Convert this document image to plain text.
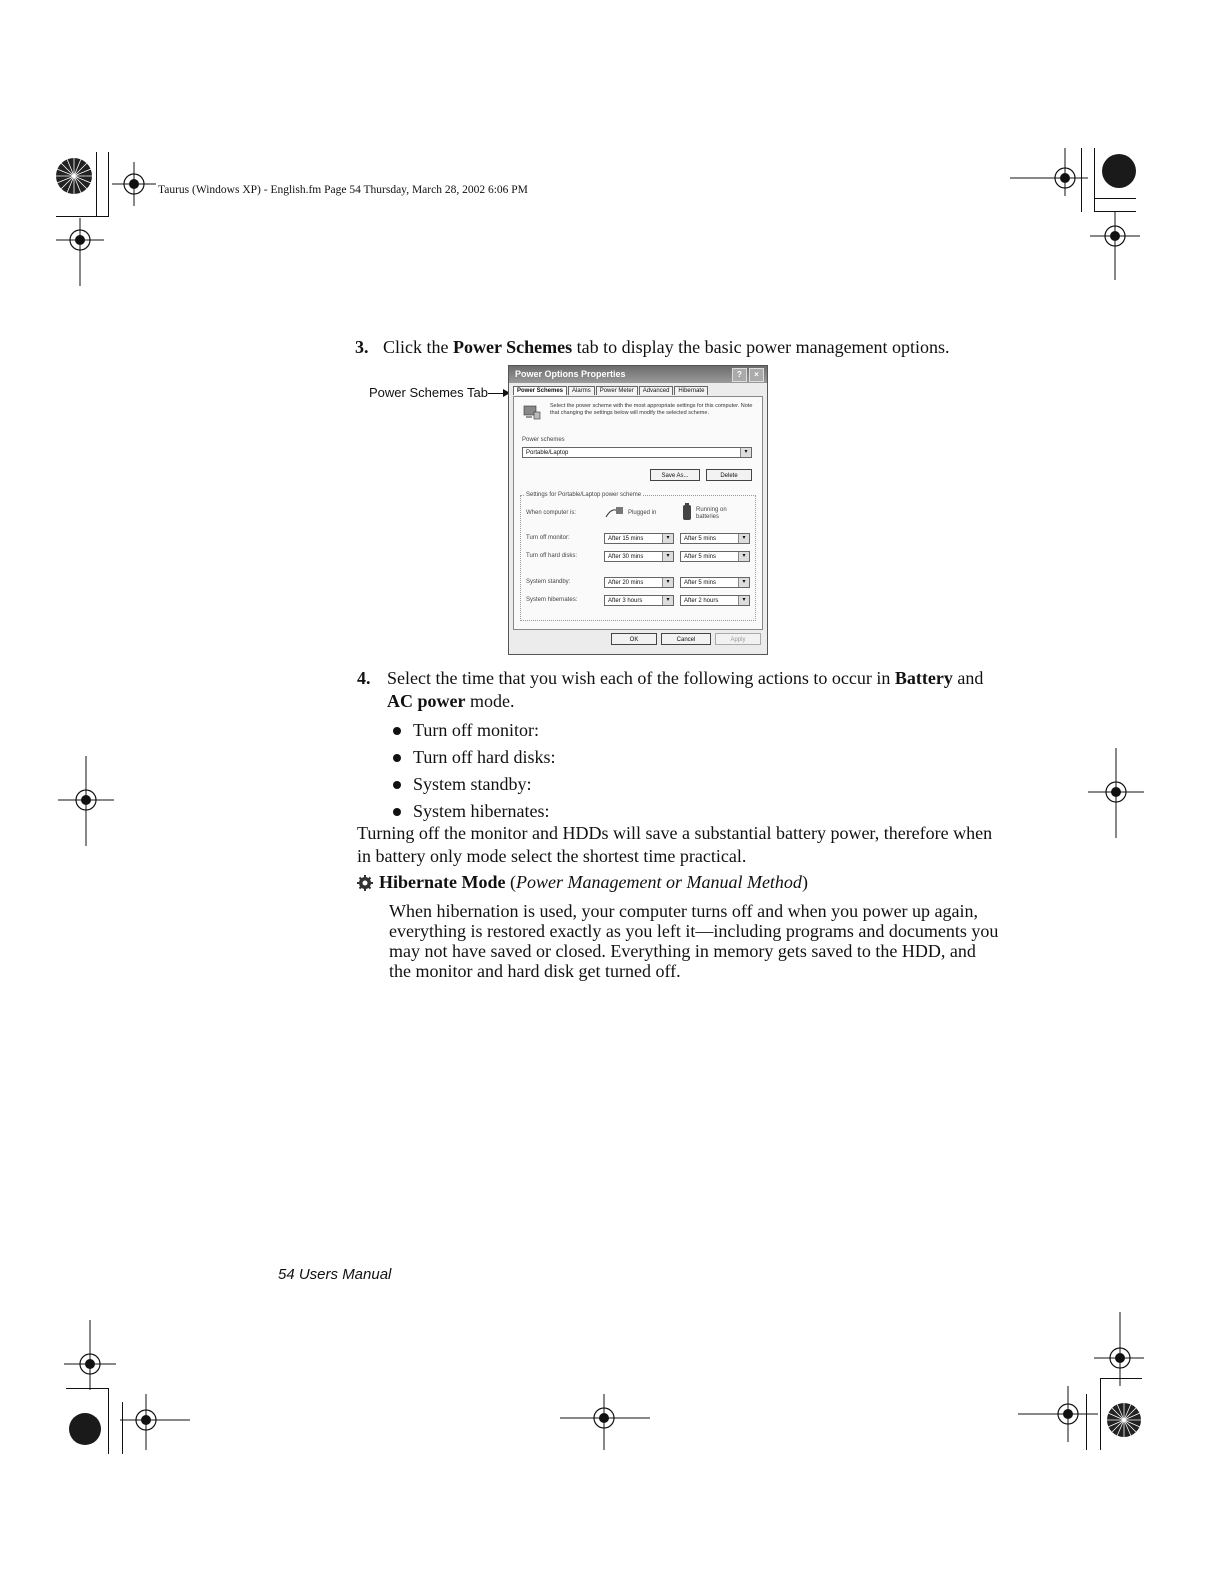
Taurus (Windows XP) - English.fm Page 54 Thursday, March 28, 2002 6:06 PM
3. Click the Power Schemes tab to display the basic power management options.
Power Schemes Tab
Power Options Properties	?	×
Power Schemes	Alarms	Power Meter	Advanced	Hibernate
Select the power scheme with the most appropriate settings for this computer. Note that changing the settings below will modify the selected scheme.
Power schemes
Portable/Laptop	▾
Save As...	Delete
Settings for Portable/Laptop power scheme
When computer is:	Plugged in	Running on batteries
Turn off monitor:	After 15 mins	▾	After 5 mins	▾
Turn off hard disks:	After 30 mins	▾	After 5 mins	▾
System standby:	After 20 mins	▾	After 5 mins	▾
System hibernates:	After 3 hours	▾	After 2 hours	▾
OK	Cancel	Apply
4. Select the time that you wish each of the following actions to occur in Battery and AC power mode.
Turn off monitor:
Turn off hard disks:
System standby:
System hibernates:
Turning off the monitor and HDDs will save a substantial battery power, therefore when in battery only mode select the shortest time practical.
Hibernate Mode
( Power Management or Manual Method )
When hibernation is used, your computer turns off and when you power up again, everything is restored exactly as you left it—including programs and documents you may not have saved or closed. Everything in memory gets saved to the HDD, and the monitor and hard disk get turned off.
54 Users Manual
